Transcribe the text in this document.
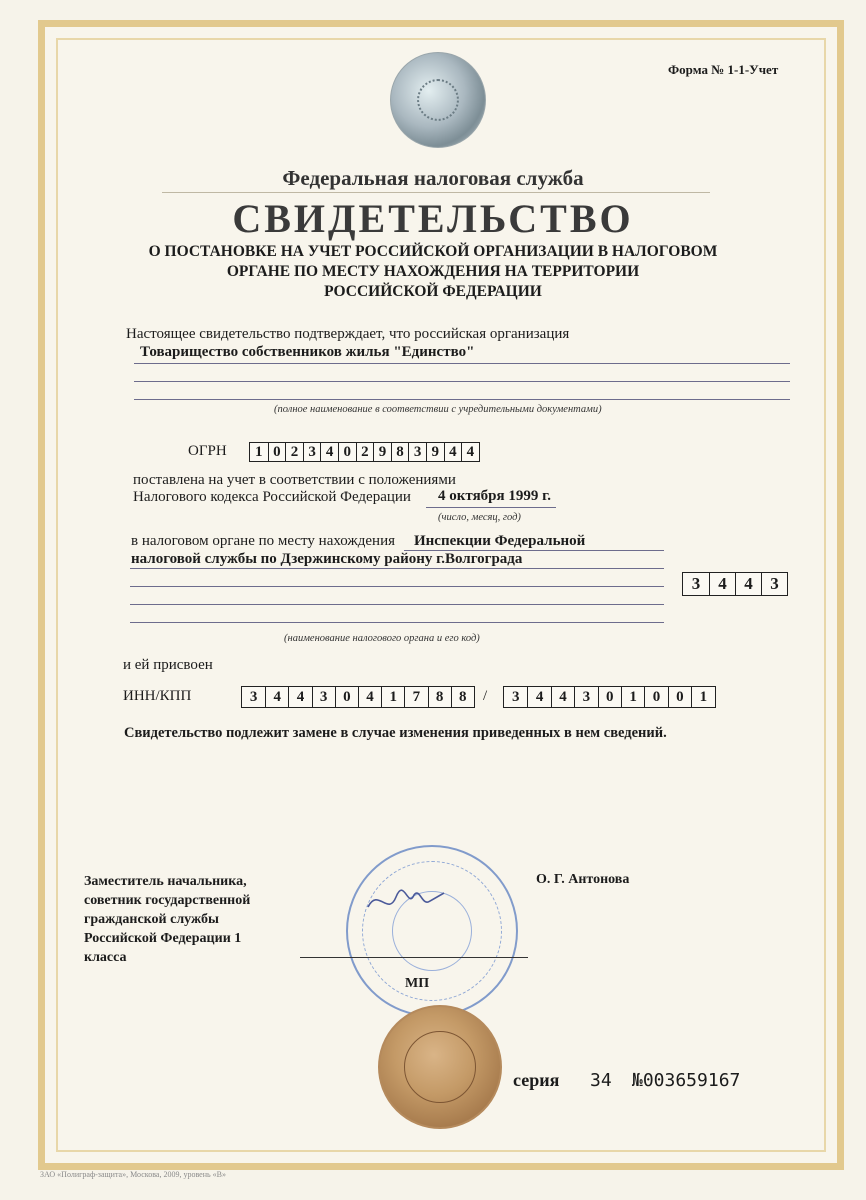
Форма № 1-1-Учет
Федеральная налоговая служба
СВИДЕТЕЛЬСТВО
О ПОСТАНОВКЕ НА УЧЕТ РОССИЙСКОЙ ОРГАНИЗАЦИИ В НАЛОГОВОМ
ОРГАНЕ ПО МЕСТУ НАХОЖДЕНИЯ НА ТЕРРИТОРИИ
РОССИЙСКОЙ ФЕДЕРАЦИИ
Настоящее свидетельство подтверждает, что российская организация
Товарищество собственников жилья "Единство"
(полное наименование в соответствии с учредительными документами)
ОГРН	1 0 2 3 4 0 2 9 8 3 9 4 4
поставлена на учет в соответствии с положениями
Налогового кодекса Российской Федерации 4 октября 1999 г.
(число, месяц, год)
в налоговом органе по месту нахождения Инспекции Федеральной
налоговой службы по Дзержинскому району г.Волгограда
3	4	4	3
(наименование налогового органа и его код)
и ей присвоен
ИНН/КПП	3	4	4	3	0	4	1	7	8	8	/	3	4	4	3	0	1	0	0	1
Свидетельство подлежит замене в случае изменения приведенных в нем сведений.
Заместитель начальника,
советник государственной
гражданской службы
Российской Федерации 1
класса
О. Г. Антонова
МП
серия 34 №003659167
ЗАО «Полиграф-защита», Москова, 2009, уровень «В»
